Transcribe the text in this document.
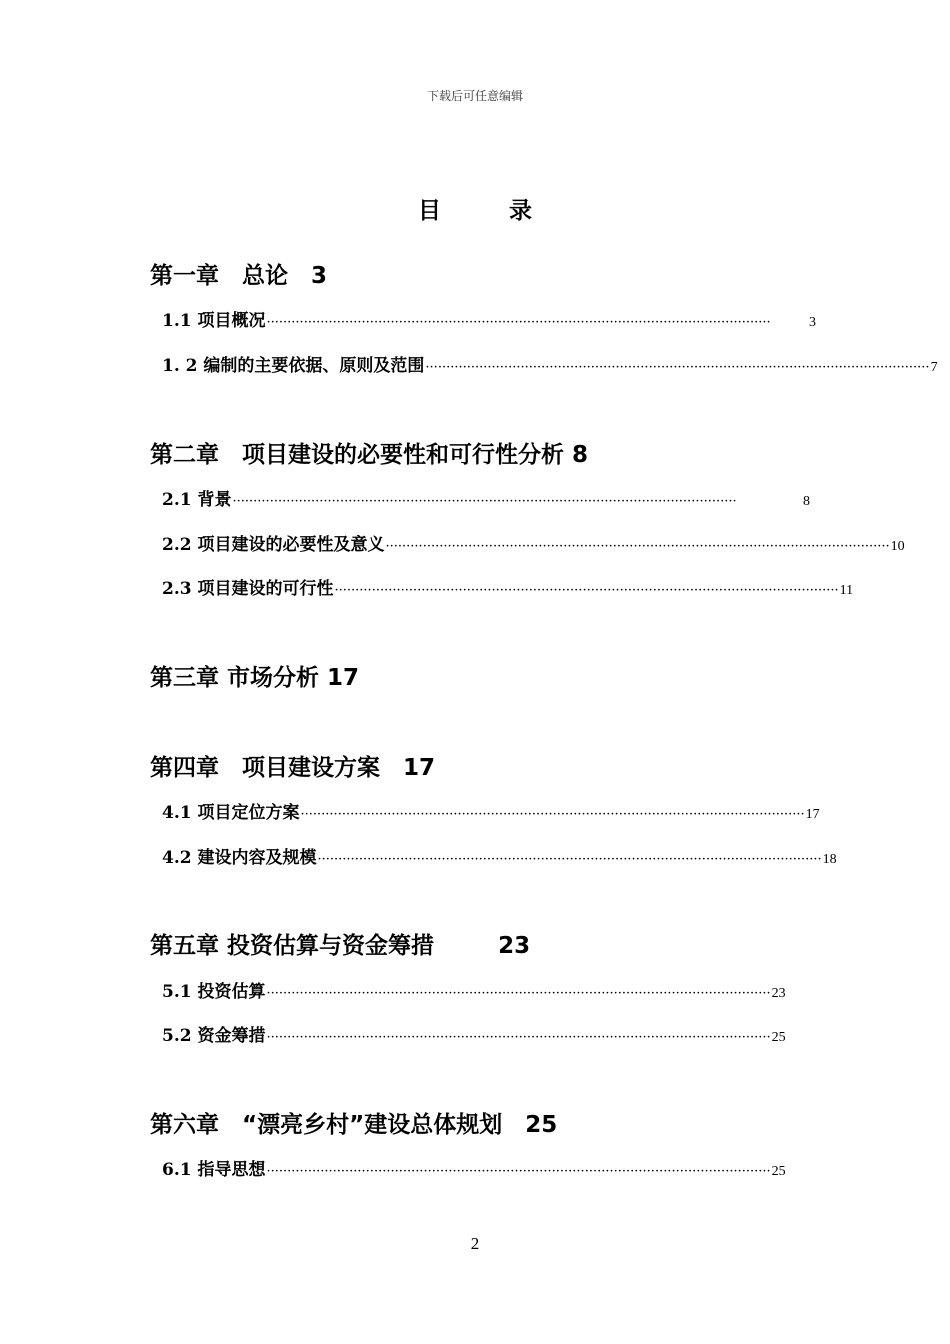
下载后可任意编辑
目 录
第一章　总论　3
1.1 项目概况 ··························································································································	3
1. 2 编制的主要依据、原则及范围 ·························································································································· 7
第二章　项目建设的必要性和可行性分析 8
2.1 背景 ··························································································································	8
2.2 项目建设的必要性及意义 ·························································································································· 10
2.3 项目建设的可行性 ·························································································································· 11
第三章 市场分析 17
第四章　项目建设方案　17
4.1 项目定位方案 ·························································································································· 17
4.2 建设内容及规模 ·························································································································· 18
第五章 投资估算与资金筹措        23
5.1 投资估算 ·························································································································· 23
5.2 资金筹措 ·························································································································· 25
第六章　“漂亮乡村”建设总体规划　25
6.1 指导思想 ·························································································································· 25
2
